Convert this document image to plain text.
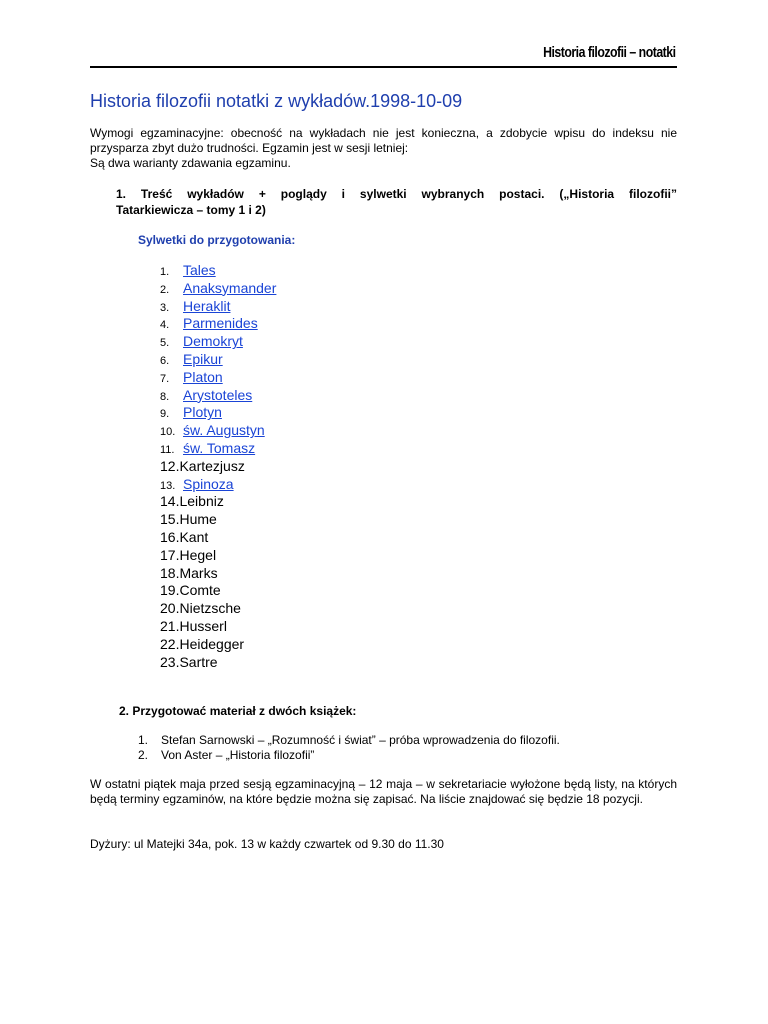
Historia filozofii – notatki
Historia filozofii notatki z wykładów.1998-10-09

Wymogi egzaminacyjne: obecność na wykładach nie jest konieczna, a zdobycie wpisu do indeksu nie przysparza zbyt dużo trudności. Egzamin jest w sesji letniej:

Są dwa warianty zdawania egzaminu.

1. Treść wykładów + poglądy i sylwetki wybranych postaci. („Historia filozofii”
Tatarkiewicza – tomy 1 i 2)
Sylwetki do przygotowania:
1. Tales
2. Anaksymander
3. Heraklit
4. Parmenides
5. Demokryt
6. Epikur
7. Platon
8. Arystoteles
9. Plotyn
10. św. Augustyn
11. św. Tomasz
12.Kartezjusz
13. Spinoza
14.Leibniz
15.Hume
16.Kant
17.Hegel
18.Marks
19.Comte
20.Nietzsche
21.Husserl
22.Heidegger
23.Sartre
2. Przygotować materiał z dwóch książek:
1. Stefan Sarnowski – „Rozumność i świat” – próba wprowadzenia do filozofii.
2. Von Aster – „Historia filozofii”

W ostatni piątek maja przed sesją egzaminacyjną – 12 maja – w sekretariacie wyłożone będą listy, na których będą terminy egzaminów, na które będzie można się zapisać. Na liście znajdować się będzie 18 pozycji.

Dyżury: ul Matejki 34a, pok. 13 w każdy czwartek od 9.30 do 11.30
